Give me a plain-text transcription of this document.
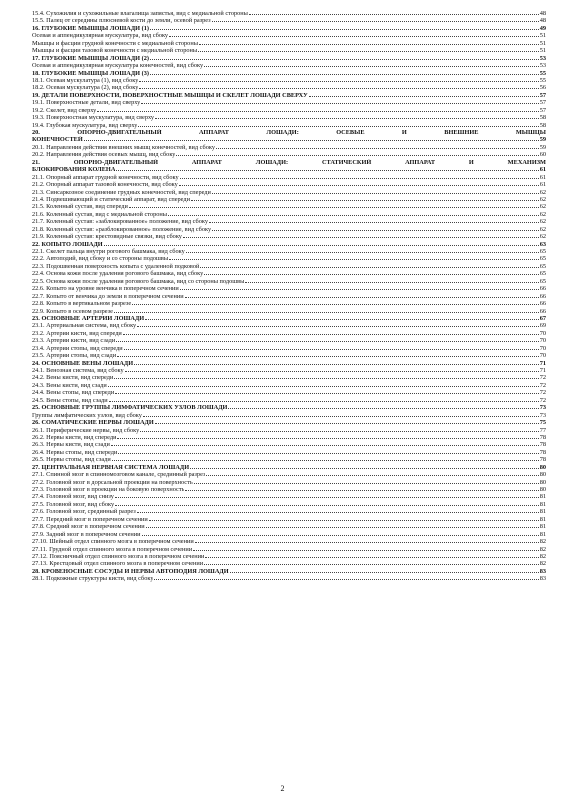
15.4. Сухожилия и сухожильные влагалища запястья, вид с медиальной стороны	48
15.5. Палец от середины плюсневой кости до земли, осевой разрез	48
16. ГЛУБОКИЕ МЫШЦЫ ЛОШАДИ (1)	49
Осевая и аппендикулярная мускулатура, вид сбоку	51
Мышцы и фасции грудной конечности с медиальной стороны	51
Мышцы и фасции тазовой конечности с медиальной стороны	51
17. ГЛУБОКИЕ МЫШЦЫ ЛОШАДИ (2)	53
Осевая и аппендикулярная мускулатура конечностей, вид сбоку	53
18. ГЛУБОКИЕ МЫШЦЫ ЛОШАДИ (3)	55
18.1. Осевая мускулатура (1), вид сбоку	55
18.2. Осевая мускулатура (2), вид сбоку	56
19. ДЕТАЛИ ПОВЕРХНОСТИ, ПОВЕРХНОСТНЫЕ МЫШЦЫ И СКЕЛЕТ ЛОШАДИ СВЕРХУ	57
19.1. Поверхностные детали, вид сверху	57
19.2. Скелет, вид сверху	57
19.3. Поверхностная мускулатура, вид сверху	58
19.4. Глубокая мускулатура, вид сверху	58
20. ОПОРНО-ДВИГАТЕЛЬНЫЙ АППАРАТ ЛОШАДИ: ОСЕВЫЕ И ВНЕШНИЕ МЫШЦЫ
КОНЕЧНОСТЕЙ	59
20.1. Направления действия внешних мышц конечностей, вид сбоку	59
20.2. Направления действия осевых мышц, вид сбоку	60
21. ОПОРНО-ДВИГАТЕЛЬНЫЙ АППАРАТ ЛОШАДИ: СТАТИЧЕСКИЙ АППАРАТ И МЕХАНИЗМ
БЛОКИРОВАНИЯ КОЛЕНА	61
21.1. Опорный аппарат грудной конечности, вид сбоку	61
21.2. Опорный аппарат тазовой конечности, вид сбоку	61
21.3. Синсаркозное соединение грудных конечностей, вид спереди	62
21.4. Подвешивающий и статический аппарат, вид спереди	62
21.5. Коленный сустав, вид спереди	62
21.6. Коленный сустав, вид с медиальной стороны	62
21.7. Коленный сустав: «заблокированное» положение, вид сбоку	62
21.8. Коленный сустав: «разблокированное» положение, вид сбоку	62
21.9. Коленный сустав: крестовидные связки, вид сбоку	62
22. КОПЫТО ЛОШАДИ	63
22.1. Скелет пальца внутри рогового башмака, вид сбоку	65
22.2. Автоподий, вид сбоку и со стороны подошвы	65
22.3. Подошвенная поверхность копыта с удаленной подковой	65
22.4. Основа кожи после удаления рогового башмака, вид сбоку	65
22.5. Основа кожи после удаления рогового башмака, вид со стороны подошвы	65
22.6. Копыто на уровне венчика в поперечном сечении	66
22.7. Копыто от венчика до земли в поперечном сечении	66
22.8. Копыто в вертикальном разрезе	66
22.9. Копыто в осевом разрезе	66
23. ОСНОВНЫЕ АРТЕРИИ ЛОШАДИ	67
23.1. Артериальная система, вид сбоку	69
23.2. Артерии кисти, вид спереди	70
23.3. Артерии кисти, вид сзади	70
23.4. Артерии стопы, вид спереди	70
23.5. Артерии стопы, вид сзади	70
24. ОСНОВНЫЕ ВЕНЫ ЛОШАДИ	71
24.1. Венозная система, вид сбоку	71
24.2. Вены кисти, вид спереди	72
24.3. Вены кисти, вид сзади	72
24.4. Вены стопы, вид спереди	72
24.5. Вены стопы, вид сзади	72
25. ОСНОВНЫЕ ГРУППЫ ЛИМФАТИЧЕСКИХ УЗЛОВ ЛОШАДИ	73
Группы лимфатических узлов, вид сбоку	73
26. СОМАТИЧЕСКИЕ НЕРВЫ ЛОШАДИ	75
26.1. Периферические нервы, вид сбоку	77
26.2. Нервы кисти, вид спереди	78
26.3. Нервы кисти, вид сзади	78
26.4. Нервы стопы, вид спереди	78
26.5. Нервы стопы, вид сзади	78
27. ЦЕНТРАЛЬНАЯ НЕРВНАЯ СИСТЕМА ЛОШАДИ	80
27.1. Спинной мозг в спинномозговом канале, срединный разрез	80
27.2. Головной мозг в дорсальной проекции на поверхность	80
27.3. Головной мозг в проекции на боковую поверхность	80
27.4. Головной мозг, вид снизу	81
27.5. Головной мозг, вид сбоку	81
27.6. Головной мозг, срединный разрез	81
27.7. Передний мозг в поперечном сечении	81
27.8. Средний мозг в поперечном сечении	81
27.9. Задний мозг в поперечном сечении	81
27.10. Шейный отдел спинного мозга в поперечном сечении	82
27.11. Грудной отдел спинного мозга в поперечном сечении	82
27.12. Поясничный отдел спинного мозга в поперечном сечении	82
27.13. Крестцовый отдел спинного мозга в поперечном сечении	82
28. КРОВЕНОСНЫЕ СОСУДЫ И НЕРВЫ АВТОПОДИЯ ЛОШАДИ	83
28.1. Подкожные структуры кисти, вид сбоку	83
2
